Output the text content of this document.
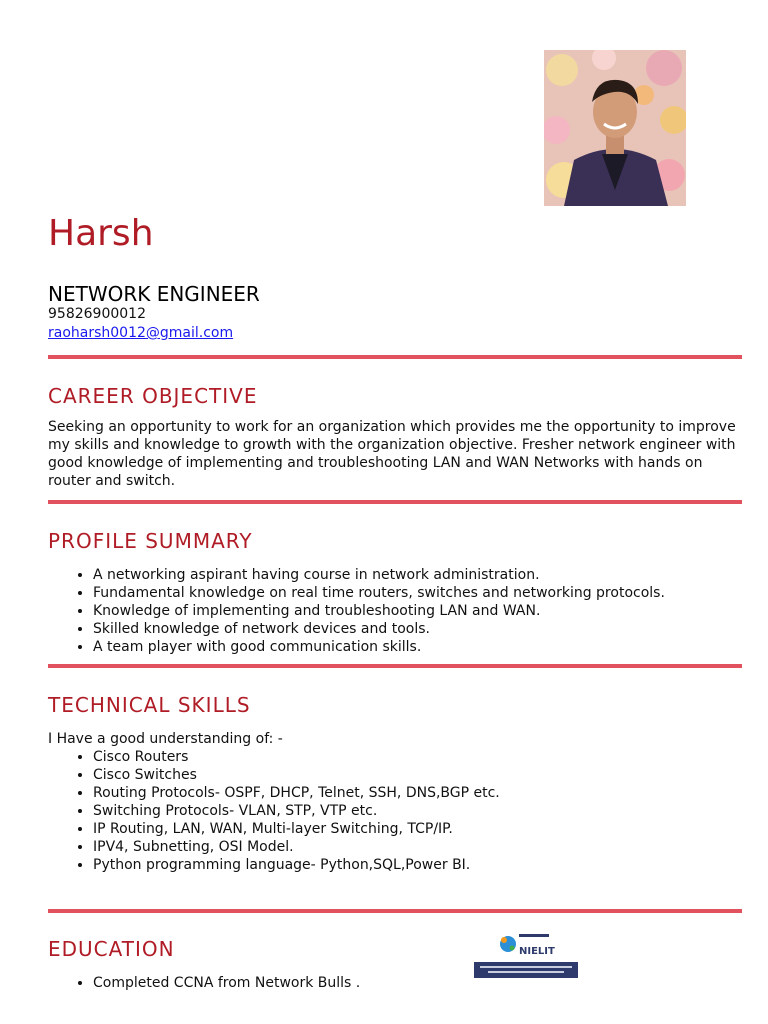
Harsh
NETWORK ENGINEER
95826900012
raoharsh0012@gmail.com
CAREER OBJECTIVE

Seeking an opportunity to work for an organization which provides me the opportunity to improve my skills and knowledge to growth with the organization objective. Fresher network engineer with good knowledge of implementing and troubleshooting LAN and WAN Networks with hands on router and switch.

PROFILE SUMMARY
• A networking aspirant having course in network administration.
• Fundamental knowledge on real time routers, switches and networking protocols.
• Knowledge of implementing and troubleshooting LAN and WAN.
• Skilled knowledge of network devices and tools.
• A team player with good communication skills.
TECHNICAL SKILLS

I Have a good understanding of: -

• Cisco Routers
• Cisco Switches
• Routing Protocols- OSPF, DHCP, Telnet, SSH, DNS,BGP etc.
• Switching Protocols- VLAN, STP, VTP etc.
• IP Routing, LAN, WAN, Multi-layer Switching, TCP/IP.
• IPV4, Subnetting, OSI Model.
• Python programming language- Python,SQL,Power BI.
EDUCATION
• Completed CCNA from Network Bulls .
NIELIT
